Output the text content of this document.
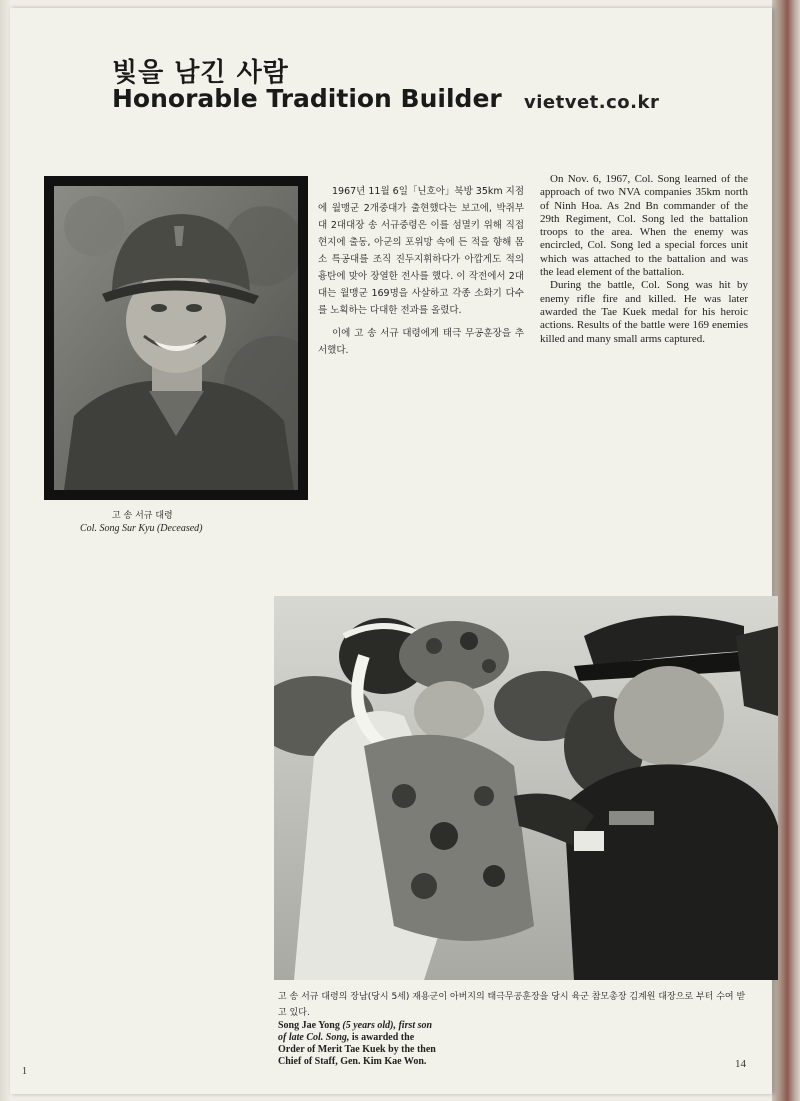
빛을 남긴 사람
Honorable Tradition Builder vietvet.co.kr
고 송 서규 대령
Col. Song Sur Kyu (Deceased)

1967년 11월 6일「닌호아」북방 35km 지점에 월맹군 2개중대가 출현했다는 보고에, 박쥐부대 2대대장 송 서규중령은 이를 섬멸키 위해 직접 현지에 출동, 아군의 포위망 속에 든 적을 향해 몸소 특공대를 조직 진두지휘하다가 아깝게도 적의 흉탄에 맞아 장열한 전사를 했다. 이 작전에서 2대대는 월맹군 169명을 사살하고 각종 소화기 다수를 노획하는 다대한 전과를 올렸다.

이에 고 송 서규 대령에게 태극 무공훈장을 추서했다.

On Nov. 6, 1967, Col. Song learned of the approach of two NVA companies 35km north of Ninh Hoa. As 2nd Bn commander of the 29th Regiment, Col. Song led the battalion troops to the area. When the enemy was encircled, Col. Song led a special forces unit which was attached to the battalion and was the lead element of the battalion.

During the battle, Col. Song was hit by enemy rifle fire and killed. He was later awarded the Tae Kuek medal for his heroic actions. Results of the battle were 169 enemies killed and many small arms captured.

고 송 서규 대령의 장남(당시 5세) 재용군이 아버지의 태극무공훈장을 당시 육군 참모총장 김계원 대장으로 부터 수여 받고 있다.
Song Jae Yong (5 years old), first son of late Col. Song, is awarded the Order of Merit Tae Kuek by the then Chief of Staff, Gen. Kim Kae Won.
1
14
